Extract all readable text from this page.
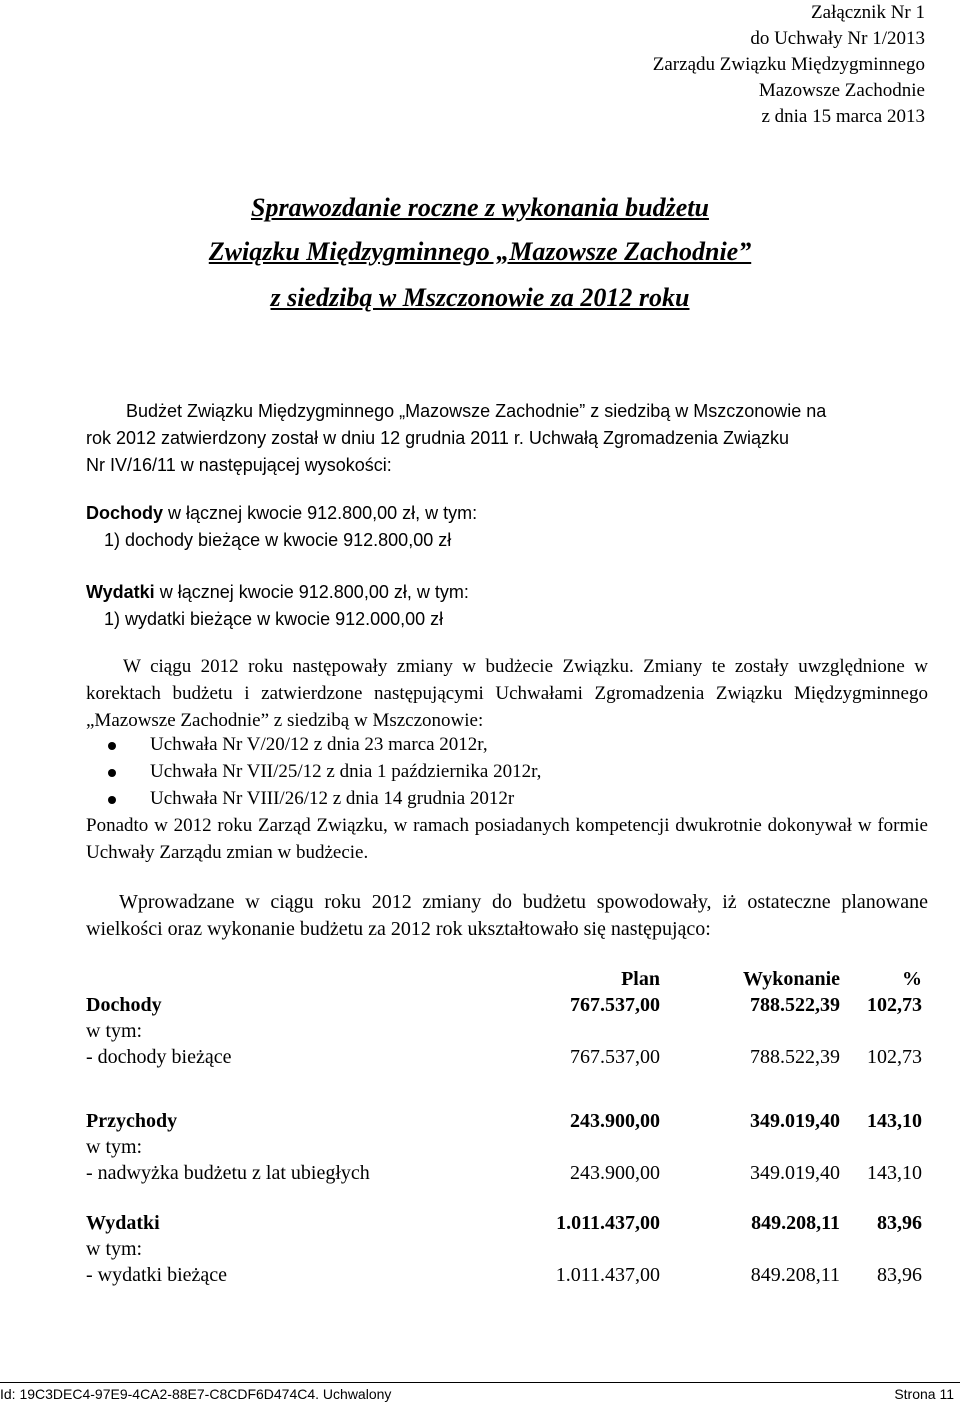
Załącznik Nr 1
do Uchwały Nr 1/2013
Zarządu Związku Międzygminnego
Mazowsze Zachodnie
z dnia 15 marca 2013
Sprawozdanie roczne z wykonania budżetu
Związku Międzygminnego „Mazowsze Zachodnie”
z siedzibą w Mszczonowie za 2012 roku
Budżet Związku Międzygminnego „Mazowsze Zachodnie” z siedzibą w Mszczonowie na
rok 2012 zatwierdzony został w dniu 12 grudnia 2011 r. Uchwałą Zgromadzenia Związku
Nr IV/16/11 w następującej wysokości:
Dochody w łącznej kwocie 912.800,00 zł, w tym:
1) dochody bieżące w kwocie 912.800,00 zł
Wydatki w łącznej kwocie 912.800,00 zł, w tym:
1) wydatki bieżące w kwocie 912.000,00 zł
W ciągu 2012 roku następowały zmiany w budżecie Związku. Zmiany te zostały uwzględnione w korektach budżetu i zatwierdzone następującymi Uchwałami Zgromadzenia Związku Międzygminnego „Mazowsze Zachodnie” z siedzibą w Mszczonowie:
Uchwała Nr V/20/12 z dnia 23 marca 2012r,
Uchwała Nr VII/25/12 z dnia 1 października 2012r,
Uchwała Nr VIII/26/12 z dnia 14 grudnia 2012r
Ponadto w 2012 roku Zarząd Związku, w ramach posiadanych kompetencji dwukrotnie dokonywał w formie Uchwały Zarządu zmian w budżecie.
Wprowadzane w ciągu roku 2012 zmiany do budżetu spowodowały, iż ostateczne planowane wielkości oraz wykonanie budżetu za 2012 rok ukształtowało się następująco:
Plan	Wykonanie	%
Dochody	767.537,00	788.522,39 102,73
w tym:
- dochody bieżące	767.537,00	788.522,39 102,73
Przychody	243.900,00	349.019,40 143,10
w tym:
- nadwyżka budżetu z lat ubiegłych	243.900,00	349.019,40 143,10
Wydatki	1.011.437,00	849.208,11 83,96
w tym:
- wydatki bieżące	1.011.437,00	849.208,11 83,96
Id: 19C3DEC4-97E9-4CA2-88E7-C8CDF6D474C4. Uchwalony	Strona 11
